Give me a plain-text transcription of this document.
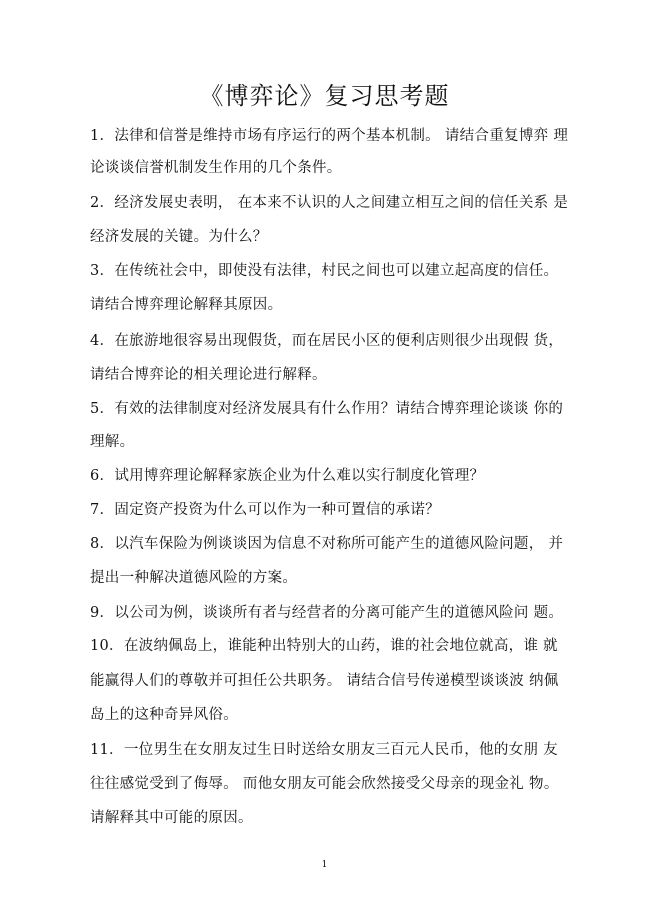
《博弈论》复习思考题
1．法律和信誉是维持市场有序运行的两个基本机制。 请结合重复博弈 理
论谈谈信誉机制发生作用的几个条件。
2．经济发展史表明， 在本来不认识的人之间建立相互之间的信任关系 是
经济发展的关键。为什么？
3．在传统社会中，即使没有法律，村民之间也可以建立起高度的信任。
请结合博弈理论解释其原因。
4．在旅游地很容易出现假货，而在居民小区的便利店则很少出现假 货，
请结合博弈论的相关理论进行解释。
5．有效的法律制度对经济发展具有什么作用？请结合博弈理论谈谈 你的
理解。
6．试用博弈理论解释家族企业为什么难以实行制度化管理？
7．固定资产投资为什么可以作为一种可置信的承诺？
8．以汽车保险为例谈谈因为信息不对称所可能产生的道德风险问题， 并
提出一种解决道德风险的方案。
9．以公司为例，谈谈所有者与经营者的分离可能产生的道德风险问 题。
10．在波纳佩岛上，谁能种出特别大的山药，谁的社会地位就高，谁 就
能赢得人们的尊敬并可担任公共职务。 请结合信号传递模型谈谈波 纳佩
岛上的这种奇异风俗。
11．一位男生在女朋友过生日时送给女朋友三百元人民币，他的女朋 友
往往感觉受到了侮辱。 而他女朋友可能会欣然接受父母亲的现金礼 物。
请解释其中可能的原因。
1
